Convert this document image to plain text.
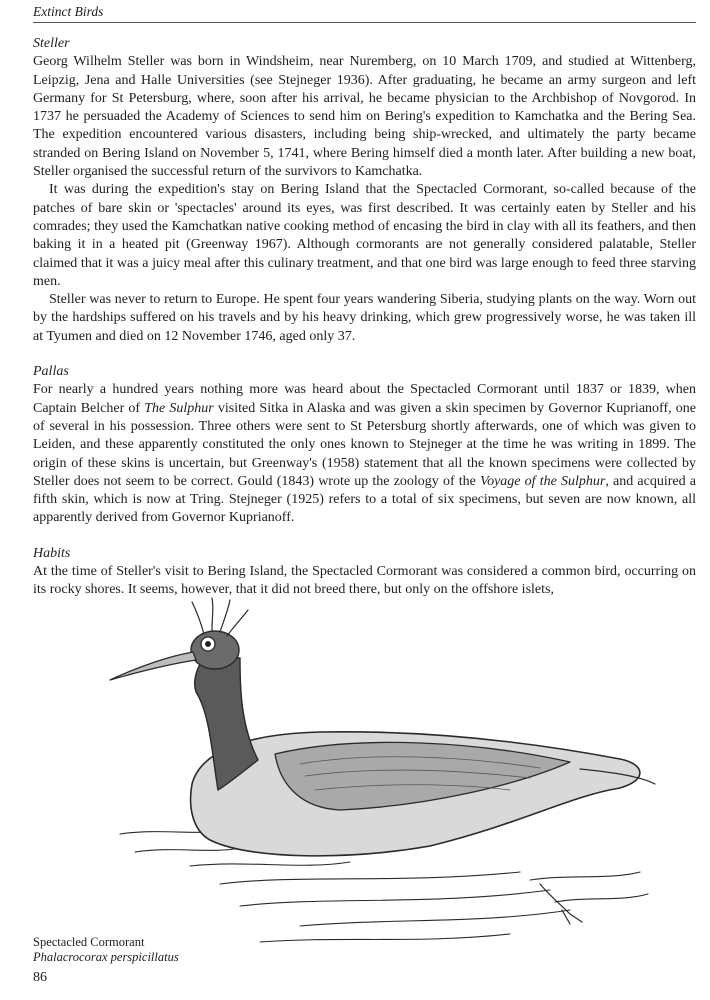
Extinct Birds
Steller

Georg Wilhelm Steller was born in Windsheim, near Nuremberg, on 10 March 1709, and studied at Wittenberg, Leipzig, Jena and Halle Universities (see Stejneger 1936). After graduating, he became an army surgeon and left Germany for St Petersburg, where, soon after his arrival, he became physician to the Archbishop of Novgorod. In 1737 he persuaded the Academy of Sciences to send him on Bering's expedition to Kamchatka and the Bering Sea. The expedition encountered various disasters, including being ship-wrecked, and ultimately the party became stranded on Bering Island on November 5, 1741, where Bering himself died a month later. After building a new boat, Steller organised the successful return of the survivors to Kamchatka.

It was during the expedition's stay on Bering Island that the Spectacled Cormorant, so-called because of the patches of bare skin or 'spectacles' around its eyes, was first described. It was certainly eaten by Steller and his comrades; they used the Kamchatkan native cooking method of encasing the bird in clay with all its feathers, and then baking it in a heated pit (Greenway 1967). Although cormorants are not generally considered palatable, Steller claimed that it was a juicy meal after this culinary treatment, and that one bird was large enough to feed three starving men.

Steller was never to return to Europe. He spent four years wandering Siberia, studying plants on the way. Worn out by the hardships suffered on his travels and by his heavy drinking, which grew progressively worse, he was taken ill at Tyumen and died on 12 November 1746, aged only 37.

Pallas

For nearly a hundred years nothing more was heard about the Spectacled Cormorant until 1837 or 1839, when Captain Belcher of The Sulphur visited Sitka in Alaska and was given a skin specimen by Governor Kuprianoff, one of several in his possession. Three others were sent to St Petersburg shortly afterwards, one of which was given to Leiden, and these apparently constituted the only ones known to Stejneger at the time he was writing in 1899. The origin of these skins is uncertain, but Greenway's (1958) statement that all the known specimens were collected by Steller does not seem to be correct. Gould (1843) wrote up the zoology of the Voyage of the Sulphur, and acquired a fifth skin, which is now at Tring. Stejneger (1925) refers to a total of six specimens, but seven are now known, all apparently derived from Governor Kuprianoff.

Habits

At the time of Steller's visit to Bering Island, the Spectacled Cormorant was considered a common bird, occurring on its rocky shores. It seems, however, that it did not breed there, but only on the offshore islets,

Spectacled Cormorant
Phalacrocorax perspicillatus
86
